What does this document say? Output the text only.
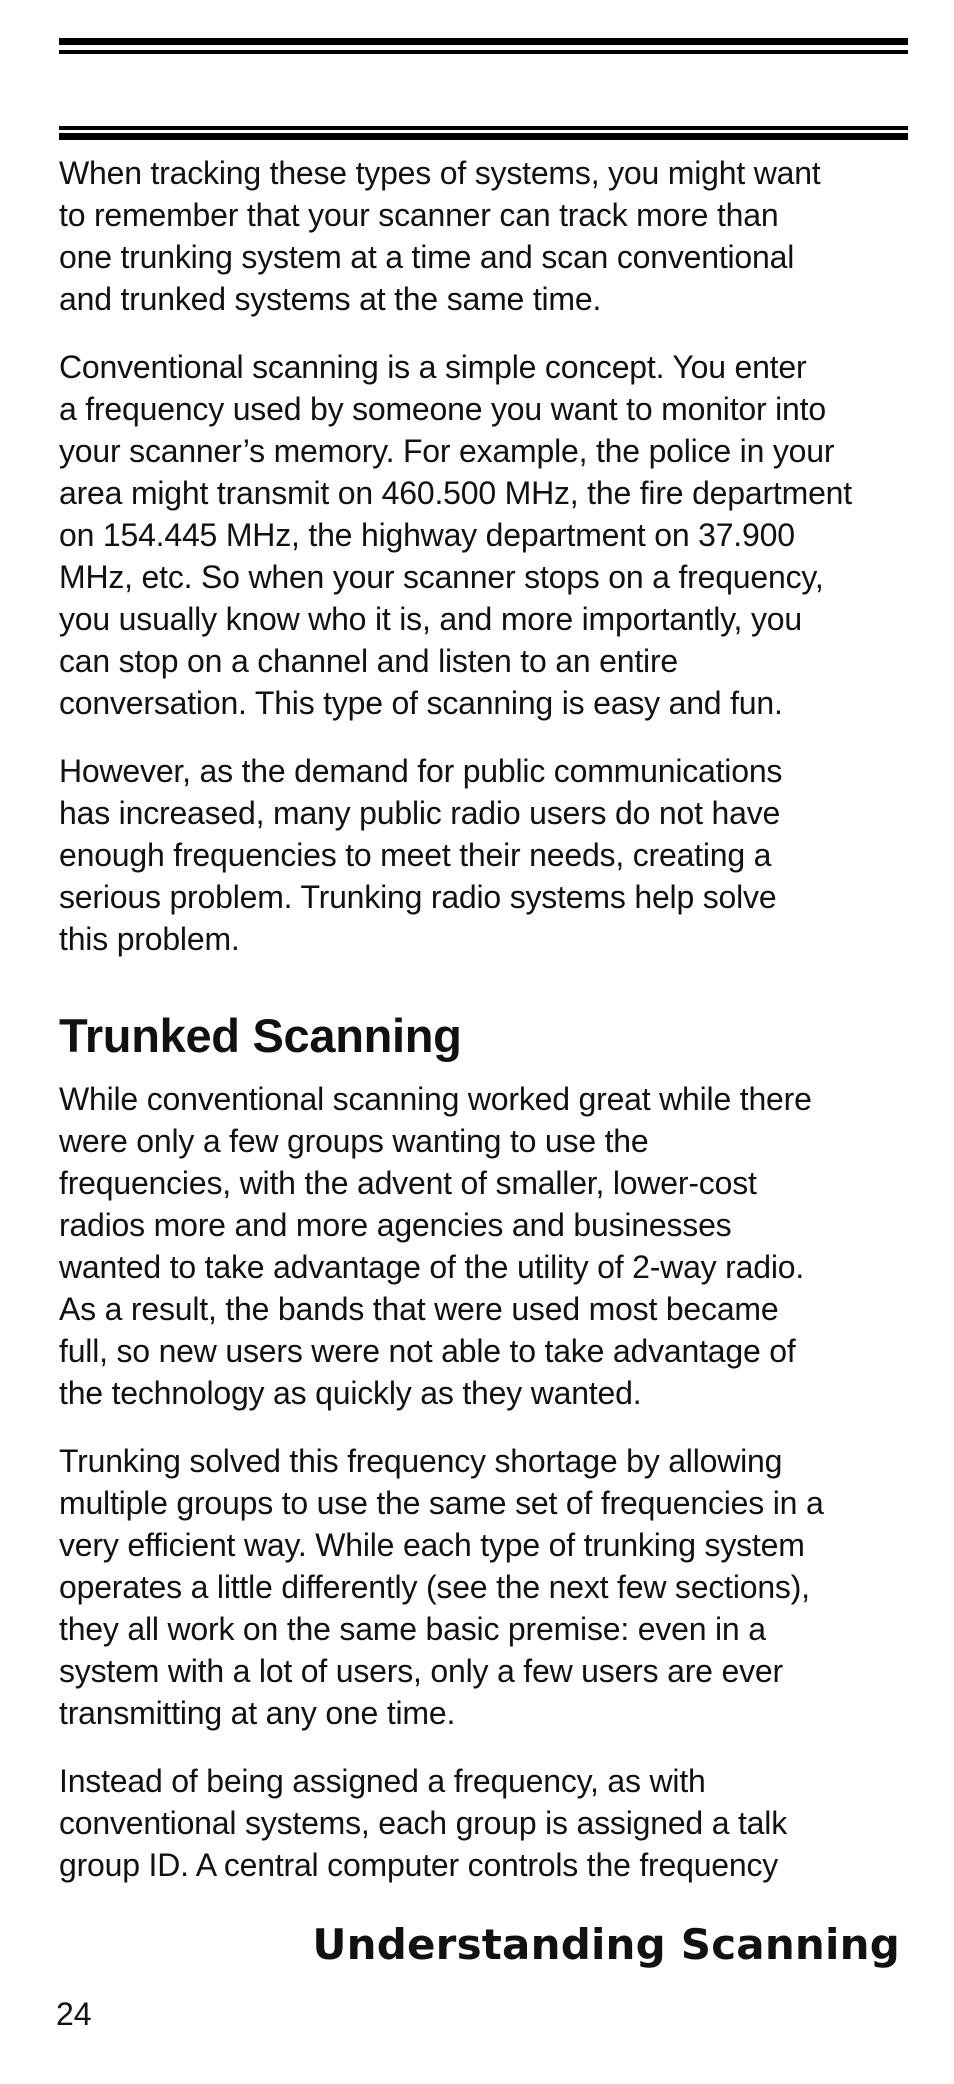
When tracking these types of systems, you might want
to remember that your scanner can track more than
one trunking system at a time and scan conventional
and trunked systems at the same time.

Conventional scanning is a simple concept. You enter
a frequency used by someone you want to monitor into
your scanner’s memory. For example, the police in your
area might transmit on 460.500 MHz, the fire department
on 154.445 MHz, the highway department on 37.900
MHz, etc. So when your scanner stops on a frequency,
you usually know who it is, and more importantly, you
can stop on a channel and listen to an entire
conversation. This type of scanning is easy and fun.

However, as the demand for public communications
has increased, many public radio users do not have
enough frequencies to meet their needs, creating a
serious problem. Trunking radio systems help solve
this problem.

Trunked Scanning

While conventional scanning worked great while there
were only a few groups wanting to use the
frequencies, with the advent of smaller, lower-cost
radios more and more agencies and businesses
wanted to take advantage of the utility of 2-way radio.
As a result, the bands that were used most became
full, so new users were not able to take advantage of
the technology as quickly as they wanted.

Trunking solved this frequency shortage by allowing
multiple groups to use the same set of frequencies in a
very efficient way. While each type of trunking system
operates a little differently (see the next few sections),
they all work on the same basic premise: even in a
system with a lot of users, only a few users are ever
transmitting at any one time.

Instead of being assigned a frequency, as with
conventional systems, each group is assigned a talk
group ID. A central computer controls the frequency

Understanding Scanning
24
